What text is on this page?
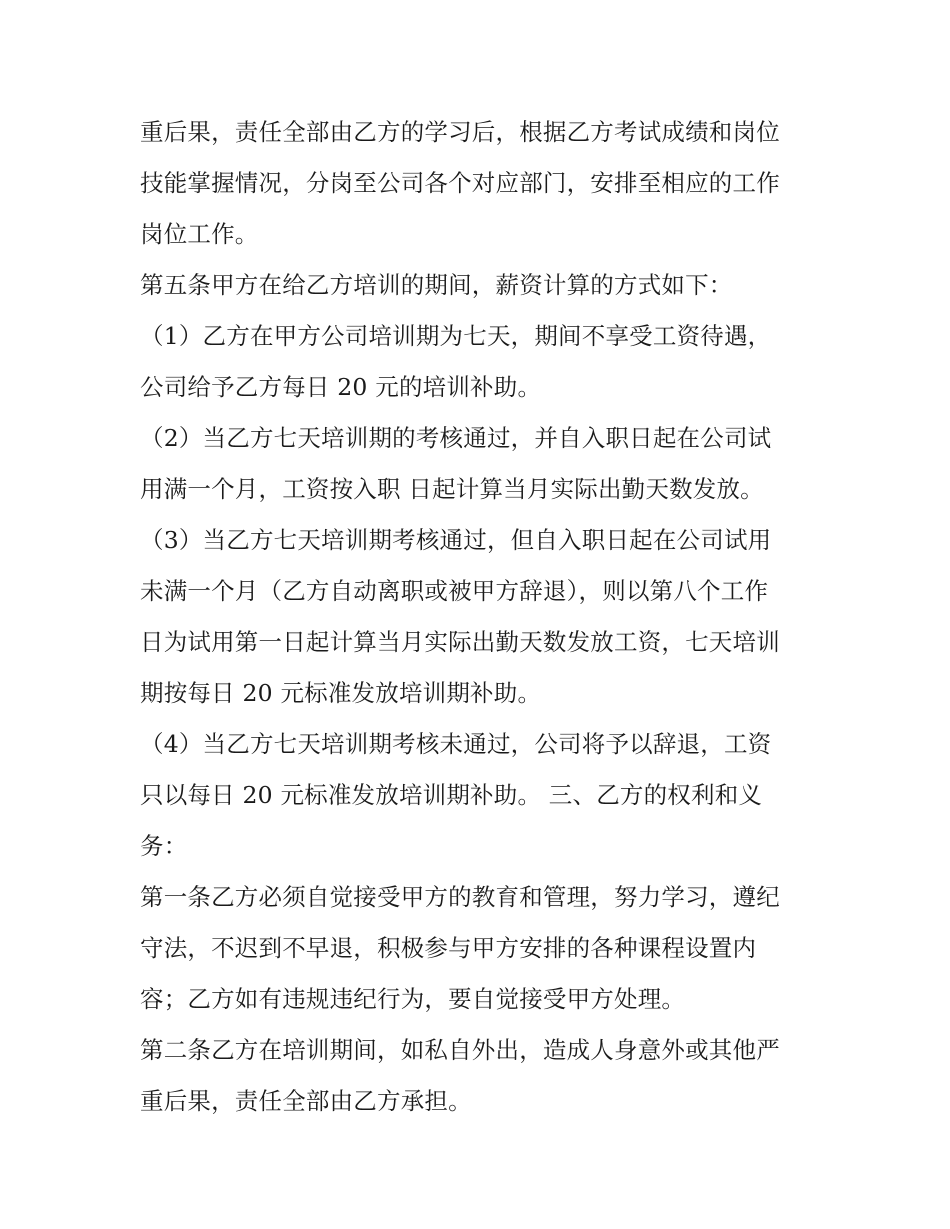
重后果，责任全部由乙方的学习后，根据乙方考试成绩和岗位
技能掌握情况，分岗至公司各个对应部门，安排至相应的工作
岗位工作。
第五条甲方在给乙方培训的期间，薪资计算的方式如下：
（1）乙方在甲方公司培训期为七天，期间不享受工资待遇，
公司给予乙方每日 20 元的培训补助。
（2）当乙方七天培训期的考核通过，并自入职日起在公司试
用满一个月，工资按入职 日起计算当月实际出勤天数发放。
（3）当乙方七天培训期考核通过，但自入职日起在公司试用
未满一个月（乙方自动离职或被甲方辞退），则以第八个工作
日为试用第一日起计算当月实际出勤天数发放工资，七天培训
期按每日 20 元标准发放培训期补助。
（4）当乙方七天培训期考核未通过，公司将予以辞退，工资
只以每日 20 元标准发放培训期补助。 三、乙方的权利和义
务：
第一条乙方必须自觉接受甲方的教育和管理，努力学习，遵纪
守法，不迟到不早退，积极参与甲方安排的各种课程设置内
容；乙方如有违规违纪行为，要自觉接受甲方处理。
第二条乙方在培训期间，如私自外出，造成人身意外或其他严
重后果，责任全部由乙方承担。
